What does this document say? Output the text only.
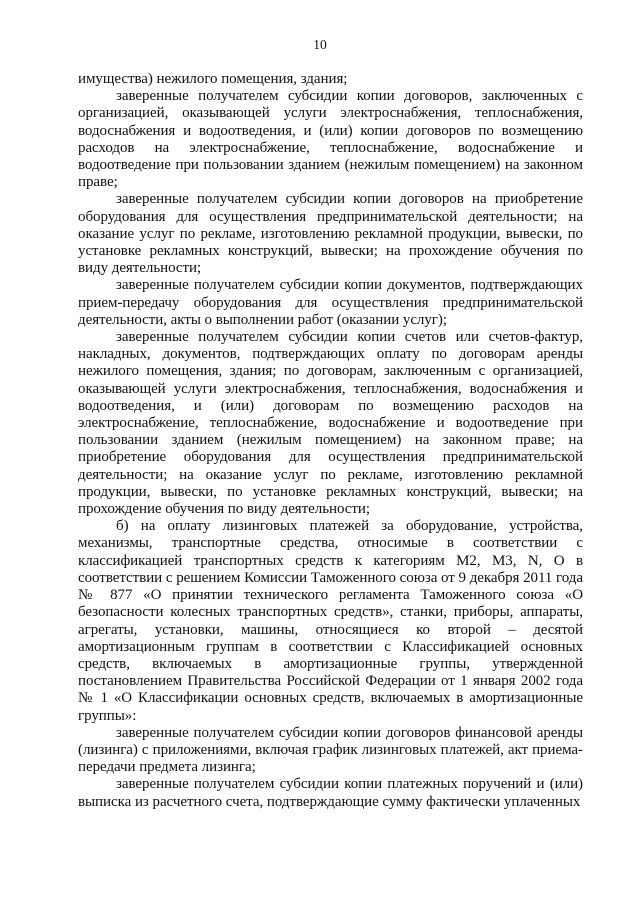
10

имущества) нежилого помещения, здания;

заверенные получателем субсидии копии договоров, заключенных с организацией, оказывающей услуги электроснабжения, теплоснабжения, водоснабжения и водоотведения, и (или) копии договоров по возмещению расходов на электроснабжение, теплоснабжение, водоснабжение и водоотведение при пользовании зданием (нежилым помещением) на законном праве;

заверенные получателем субсидии копии договоров на приобретение оборудования для осуществления предпринимательской деятельности; на оказание услуг по рекламе, изготовлению рекламной продукции, вывески, по установке рекламных конструкций, вывески; на прохождение обучения по виду деятельности;

заверенные получателем субсидии копии документов, подтверждающих прием-передачу оборудования для осуществления предпринимательской деятельности, акты о выполнении работ (оказании услуг);

заверенные получателем субсидии копии счетов или счетов-фактур, накладных, документов, подтверждающих оплату по договорам аренды нежилого помещения, здания; по договорам, заключенным с организацией, оказывающей услуги электроснабжения, теплоснабжения, водоснабжения и водоотведения, и (или) договорам по возмещению расходов на электроснабжение, теплоснабжение, водоснабжение и водоотведение при пользовании зданием (нежилым помещением) на законном праве; на приобретение оборудования для осуществления предпринимательской деятельности; на оказание услуг по рекламе, изготовлению рекламной продукции, вывески, по установке рекламных конструкций, вывески; на прохождение обучения по виду деятельности;

б) на оплату лизинговых платежей за оборудование, устройства, механизмы, транспортные средства, относимые в соответствии с классификацией транспортных средств к категориям M2, M3, N, O в соответствии с решением Комиссии Таможенного союза от 9 декабря 2011 года № 877 «О принятии технического регламента Таможенного союза «О безопасности колесных транспортных средств», станки, приборы, аппараты, агрегаты, установки, машины, относящиеся ко второй – десятой амортизационным группам в соответствии с Классификацией основных средств, включаемых в амортизационные группы, утвержденной постановлением Правительства Российской Федерации от 1 января 2002 года № 1 «О Классификации основных средств, включаемых в амортизационные группы»:

заверенные получателем субсидии копии договоров финансовой аренды (лизинга) с приложениями, включая график лизинговых платежей, акт приема-передачи предмета лизинга;

заверенные получателем субсидии копии платежных поручений и (или) выписка из расчетного счета, подтверждающие сумму фактически уплаченных
